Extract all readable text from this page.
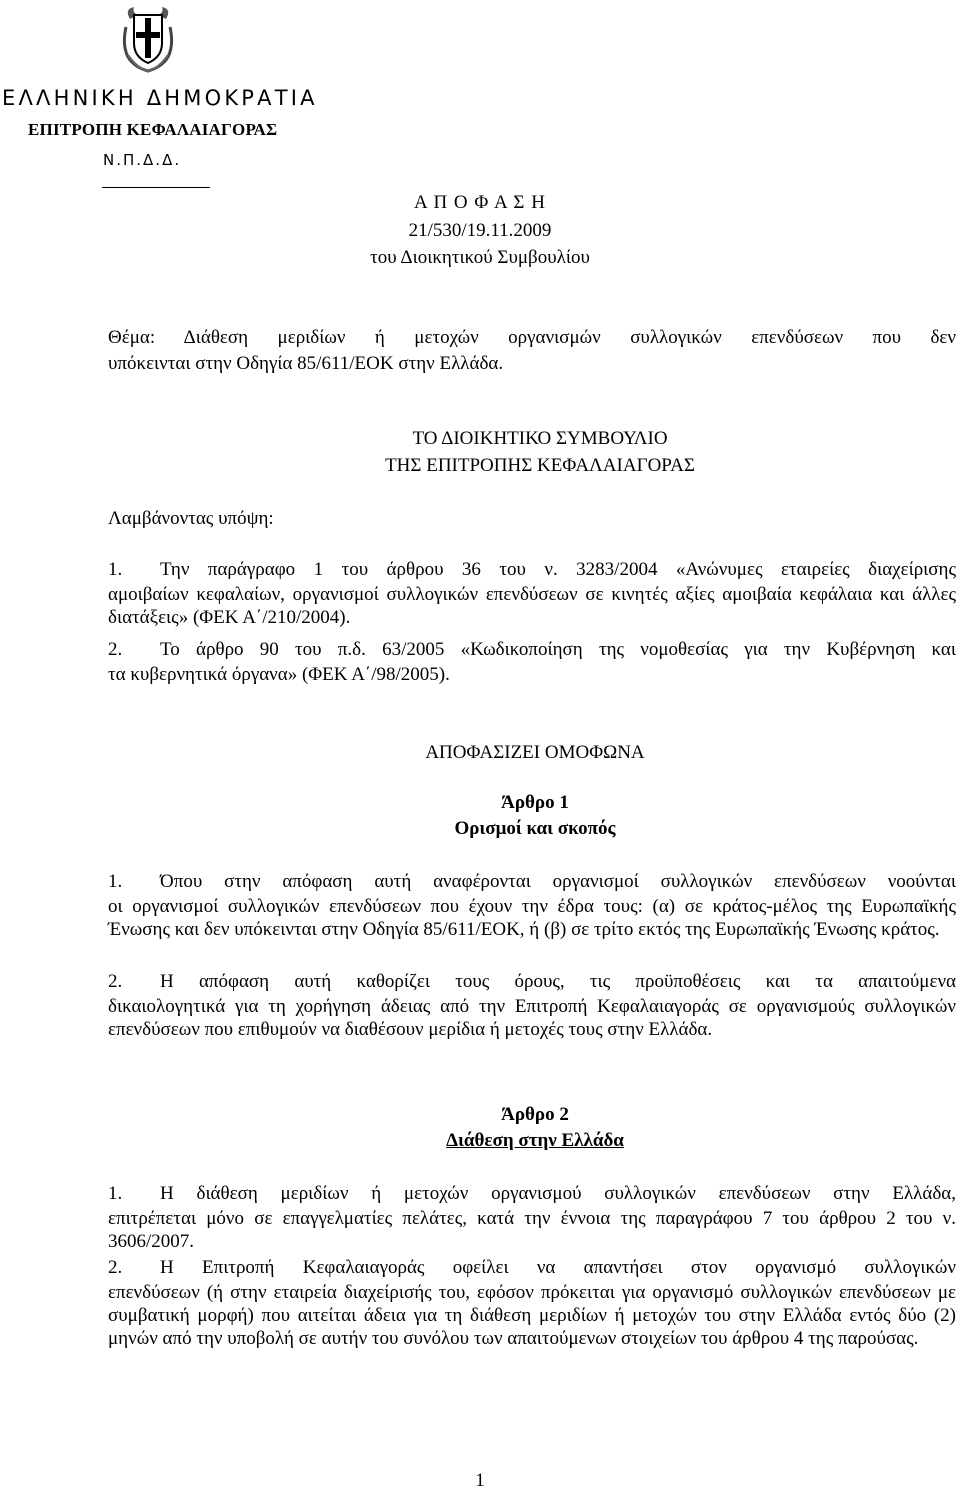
ΕΛΛΗΝΙΚΗ ΔΗΜΟΚΡΑΤΙΑ
ΕΠΙΤΡΟΠΗ ΚΕΦΑΛΑΙΑΓΟΡΑΣ
Ν.Π.Δ.Δ.
Α Π Ο Φ Α Σ Η
21/530/19.11.2009
του Διοικητικού Συμβουλίου
Θέμα: Διάθεση μεριδίων ή μετοχών οργανισμών συλλογικών επενδύσεων που δεν
υπόκεινται στην Οδηγία 85/611/ΕΟΚ στην Ελλάδα.
ΤΟ ΔΙΟΙΚΗΤΙΚΟ ΣΥΜΒΟΥΛΙΟ
ΤΗΣ ΕΠΙΤΡΟΠΗΣ ΚΕΦΑΛΑΙΑΓΟΡΑΣ
Λαμβάνοντας υπόψη:
1. Την παράγραφο 1 του άρθρου 36 του ν. 3283/2004 «Ανώνυμες εταιρείες διαχείρισης
αμοιβαίων κεφαλαίων, οργανισμοί συλλογικών επενδύσεων σε κινητές αξίες αμοιβαία κεφάλαια και άλλες διατάξεις» (ΦΕΚ Α΄/210/2004).
2. Το άρθρο 90 του π.δ. 63/2005 «Κωδικοποίηση της νομοθεσίας για την Κυβέρνηση και
τα κυβερνητικά όργανα» (ΦΕΚ Α΄/98/2005).
ΑΠΟΦΑΣΙΖΕΙ ΟΜΟΦΩΝΑ
Άρθρο 1
Ορισμοί και σκοπός
1. Όπου στην απόφαση αυτή αναφέρονται οργανισμοί συλλογικών επενδύσεων νοούνται
οι οργανισμοί συλλογικών επενδύσεων που έχουν την έδρα τους: (α) σε κράτος-μέλος της Ευρωπαϊκής Ένωσης και δεν υπόκεινται στην Οδηγία 85/611/ΕΟΚ, ή (β) σε τρίτο εκτός της Ευρωπαϊκής Ένωσης κράτος.
2. Η απόφαση αυτή καθορίζει τους όρους, τις προϋποθέσεις και τα απαιτούμενα
δικαιολογητικά για τη χορήγηση άδειας από την Επιτροπή Κεφαλαιαγοράς σε οργανισμούς συλλογικών επενδύσεων που επιθυμούν να διαθέσουν μερίδια ή μετοχές τους στην Ελλάδα.
Άρθρο 2
Διάθεση στην Ελλάδα
1. Η διάθεση μεριδίων ή μετοχών οργανισμού συλλογικών επενδύσεων στην Ελλάδα,
επιτρέπεται μόνο σε επαγγελματίες πελάτες, κατά την έννοια της παραγράφου 7 του άρθρου 2 του ν. 3606/2007.
2. Η Επιτροπή Κεφαλαιαγοράς οφείλει να απαντήσει στον οργανισμό συλλογικών
επενδύσεων (ή στην εταιρεία διαχείρισής του, εφόσον πρόκειται για οργανισμό συλλογικών επενδύσεων με συμβατική μορφή) που αιτείται άδεια για τη διάθεση μεριδίων ή μετοχών του στην Ελλάδα εντός δύο (2) μηνών από την υποβολή σε αυτήν του συνόλου των απαιτούμενων στοιχείων του άρθρου 4 της παρούσας.
1
